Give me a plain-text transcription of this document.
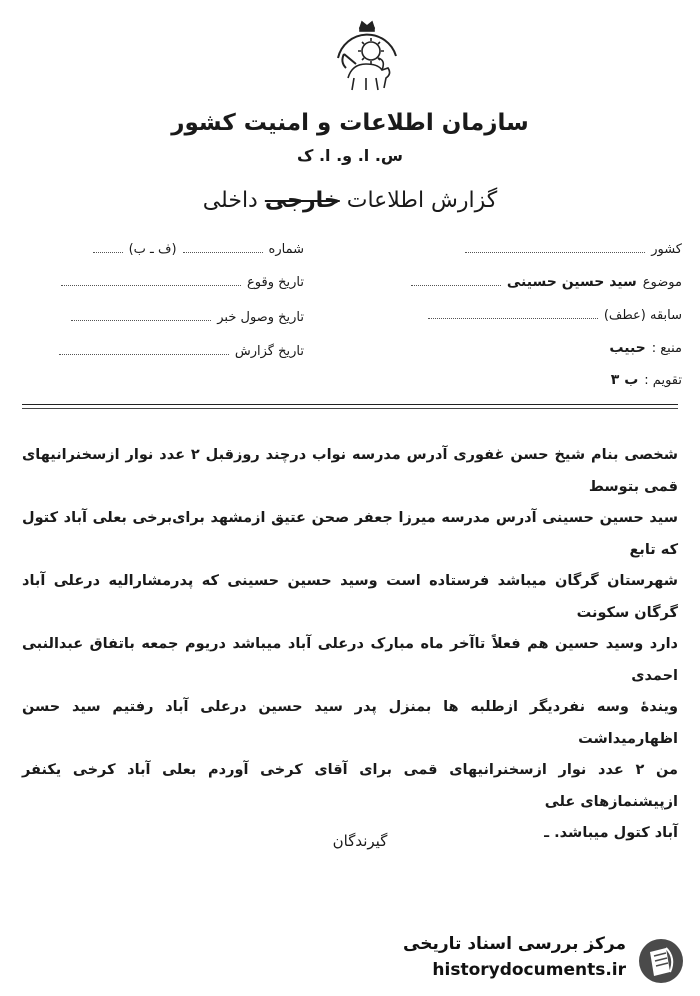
سازمان اطلاعات و امنیت کشور
س. ا. و. ا. ک
گزارش اطلاعات خارجی داخلی
کشور
موضوع
سید حسین حسینی
سابقه (عطف)
منبع :
حبیب
تقویم :
ب ۳
شماره
(ف ـ ب)
تاریخ وقوع
تاریخ وصول خبر
تاریخ گزارش

شخصی بنام شیخ حسن غفوری آدرس مدرسه نواب درچند روزقبل ۲ عدد نوار ازسخنرانیهای قمی بتوسط

سید حسین حسینی آدرس مدرسه میرزا جعفر صحن عتیق ازمشهد برای‌برخی بعلی آباد کتول که تابع

شهرستان گرگان میباشد فرستاده است وسید حسین حسینی که پدرمشارالیه درعلی آباد گرگان سکونت

دارد وسید حسین هم فعلاً تاآخر ماه مبارک درعلی آباد میباشد دریوم جمعه باتفاق عبدالنبی احمدی

ویندهٔ وسه نفردیگر ازطلبه ها بمنزل پدر سید حسین درعلی آباد رفتیم سید حسن اظهارمیداشت

من ۲ عدد نوار ازسخنرانیهای قمی برای آقای کرخی آوردم بعلی آباد کرخی یکنفر ازپیشنمازهای علی

آباد کتول میباشد. ـ

گیرندگان
مرکز بررسی اسناد تاریخی
historydocuments.ir
